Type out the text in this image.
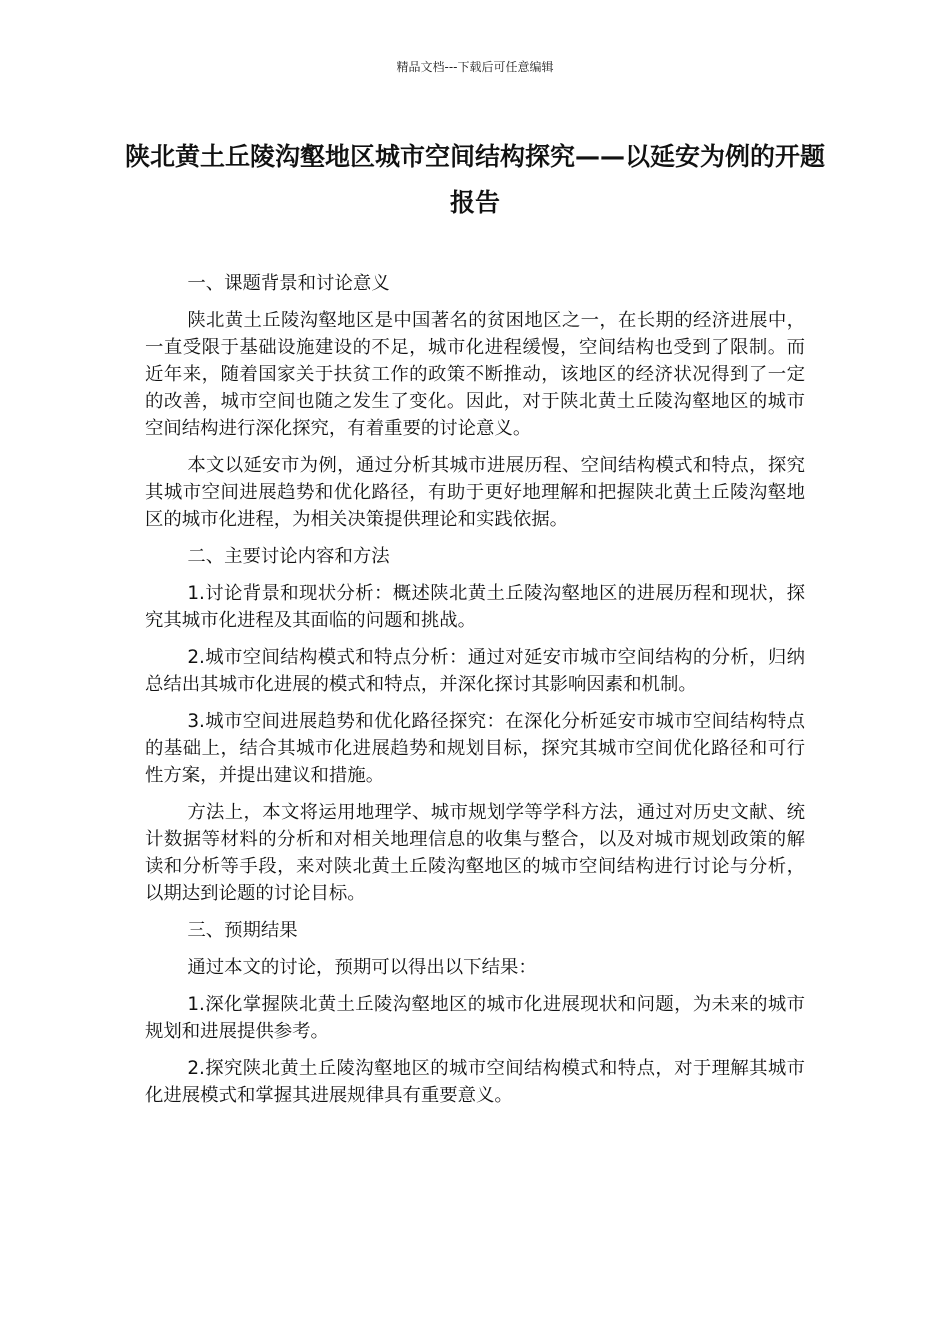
精品文档---下载后可任意编辑
陕北黄土丘陵沟壑地区城市空间结构探究——以延安为例的开题报告

一、课题背景和讨论意义

陕北黄土丘陵沟壑地区是中国著名的贫困地区之一，在长期的经济进展中，一直受限于基础设施建设的不足，城市化进程缓慢，空间结构也受到了限制。而近年来，随着国家关于扶贫工作的政策不断推动，该地区的经济状况得到了一定的改善，城市空间也随之发生了变化。因此，对于陕北黄土丘陵沟壑地区的城市空间结构进行深化探究，有着重要的讨论意义。

本文以延安市为例，通过分析其城市进展历程、空间结构模式和特点，探究其城市空间进展趋势和优化路径，有助于更好地理解和把握陕北黄土丘陵沟壑地区的城市化进程，为相关决策提供理论和实践依据。

二、主要讨论内容和方法

1.讨论背景和现状分析：概述陕北黄土丘陵沟壑地区的进展历程和现状，探究其城市化进程及其面临的问题和挑战。

2.城市空间结构模式和特点分析：通过对延安市城市空间结构的分析，归纳总结出其城市化进展的模式和特点，并深化探讨其影响因素和机制。

3.城市空间进展趋势和优化路径探究：在深化分析延安市城市空间结构特点的基础上，结合其城市化进展趋势和规划目标，探究其城市空间优化路径和可行性方案，并提出建议和措施。

方法上，本文将运用地理学、城市规划学等学科方法，通过对历史文献、统计数据等材料的分析和对相关地理信息的收集与整合，以及对城市规划政策的解读和分析等手段，来对陕北黄土丘陵沟壑地区的城市空间结构进行讨论与分析，以期达到论题的讨论目标。

三、预期结果

通过本文的讨论，预期可以得出以下结果：

1.深化掌握陕北黄土丘陵沟壑地区的城市化进展现状和问题，为未来的城市规划和进展提供参考。

2.探究陕北黄土丘陵沟壑地区的城市空间结构模式和特点，对于理解其城市化进展模式和掌握其进展规律具有重要意义。
